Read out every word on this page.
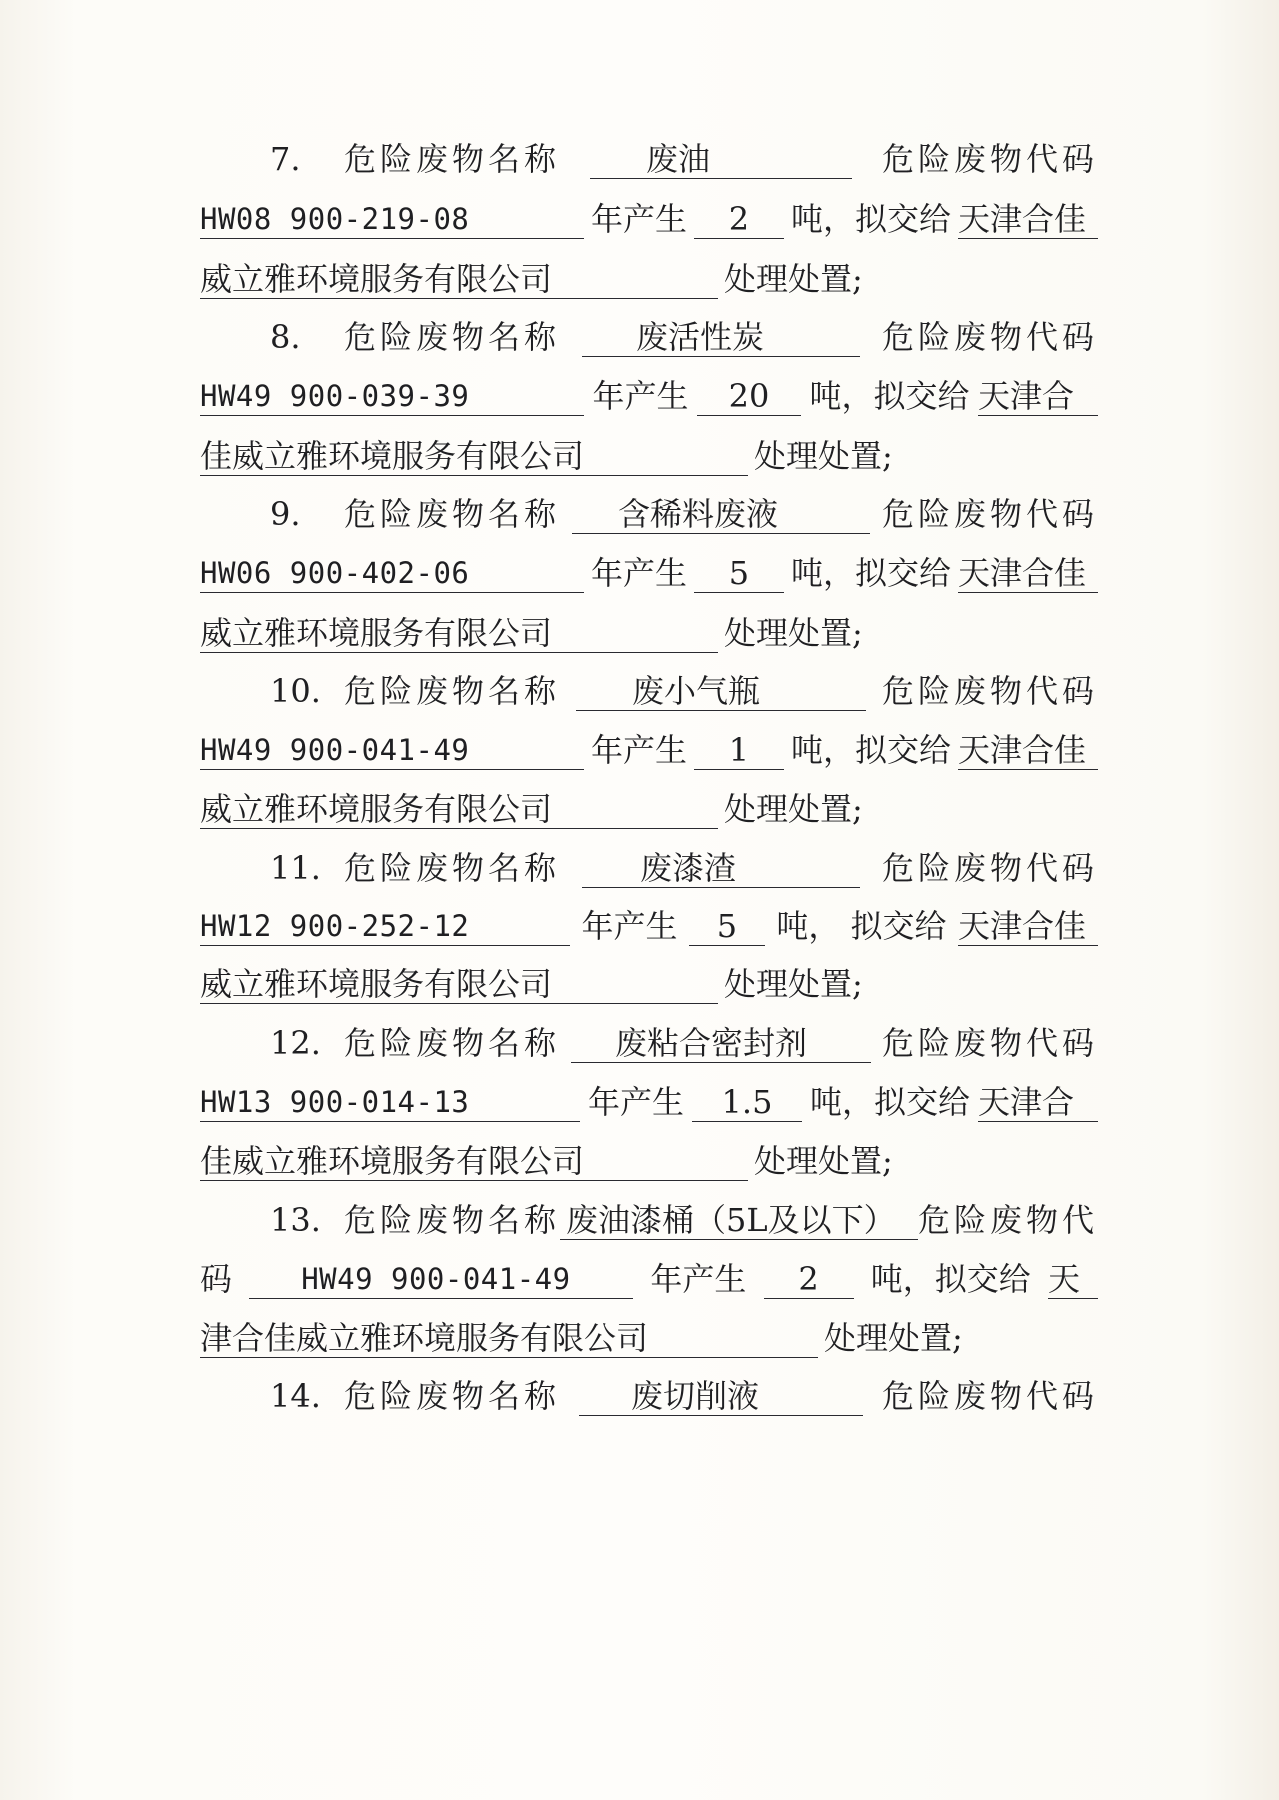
7. 危险废物名称	废油	危险废物代码
HW08 900-219-08	年产生	2	吨，拟交给 天津合佳
威立雅环境服务有限公司	处理处置;
8. 危险废物名称	废活性炭	危险废物代码
HW49 900-039-39	年产生	20	吨，拟交给 天津合
佳威立雅环境服务有限公司	处理处置;
9. 危险废物名称	含稀料废液	危险废物代码
HW06 900-402-06	年产生	5	吨，拟交给 天津合佳
威立雅环境服务有限公司	处理处置;
10. 危险废物名称	废小气瓶	危险废物代码
HW49 900-041-49	年产生	1	吨，拟交给 天津合佳
威立雅环境服务有限公司	处理处置;
11. 危险废物名称	废漆渣	危险废物代码
HW12 900-252-12	年产生	5	吨， 拟交给 天津合佳
威立雅环境服务有限公司	处理处置;
12. 危险废物名称	废粘合密封剂	危险废物代码
HW13 900-014-13	年产生	1.5	吨，拟交给 天津合
佳威立雅环境服务有限公司	处理处置;
13. 危险废物名称 废油漆桶（5L及以下） 危险废物代
码	HW49 900-041-49	年产生	2	吨，拟交给 天
津合佳威立雅环境服务有限公司	处理处置;
14. 危险废物名称	废切削液	危险废物代码
